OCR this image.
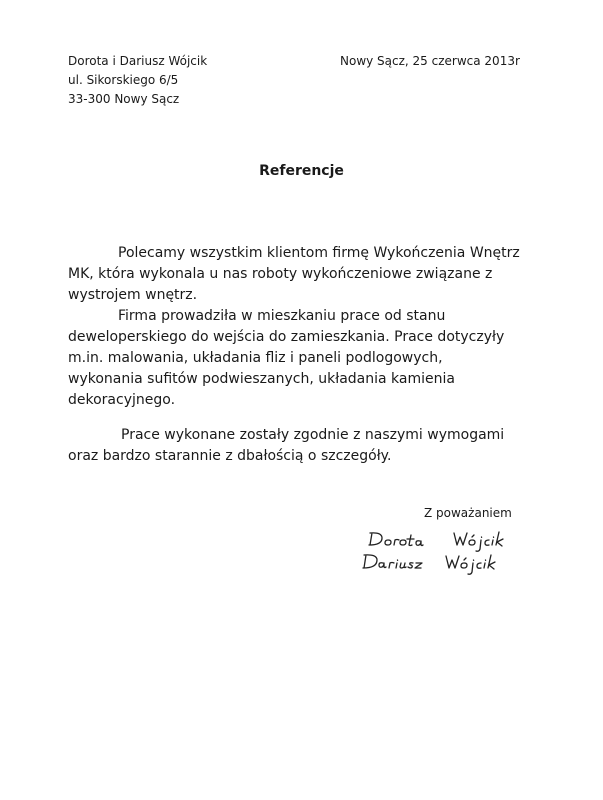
Dorota i Dariusz Wójcik
ul. Sikorskiego 6/5
33-300 Nowy Sącz
Nowy Sącz, 25 czerwca 2013r
Referencje
Polecamy wszystkim klientom firmę Wykończenia Wnętrz
MK, która wykonala u nas roboty wykończeniowe związane z
wystrojem wnętrz.
Firma prowadziła w mieszkaniu prace od stanu
deweloperskiego do wejścia do zamieszkania. Prace dotyczyły
m.in. malowania, układania fliz i paneli podlogowych,
wykonania sufitów podwieszanych, układania kamienia
dekoracyjnego.
Prace wykonane zostały zgodnie z naszymi wymogami
oraz bardzo starannie z dbałością o szczegóły.
Z poważaniem
